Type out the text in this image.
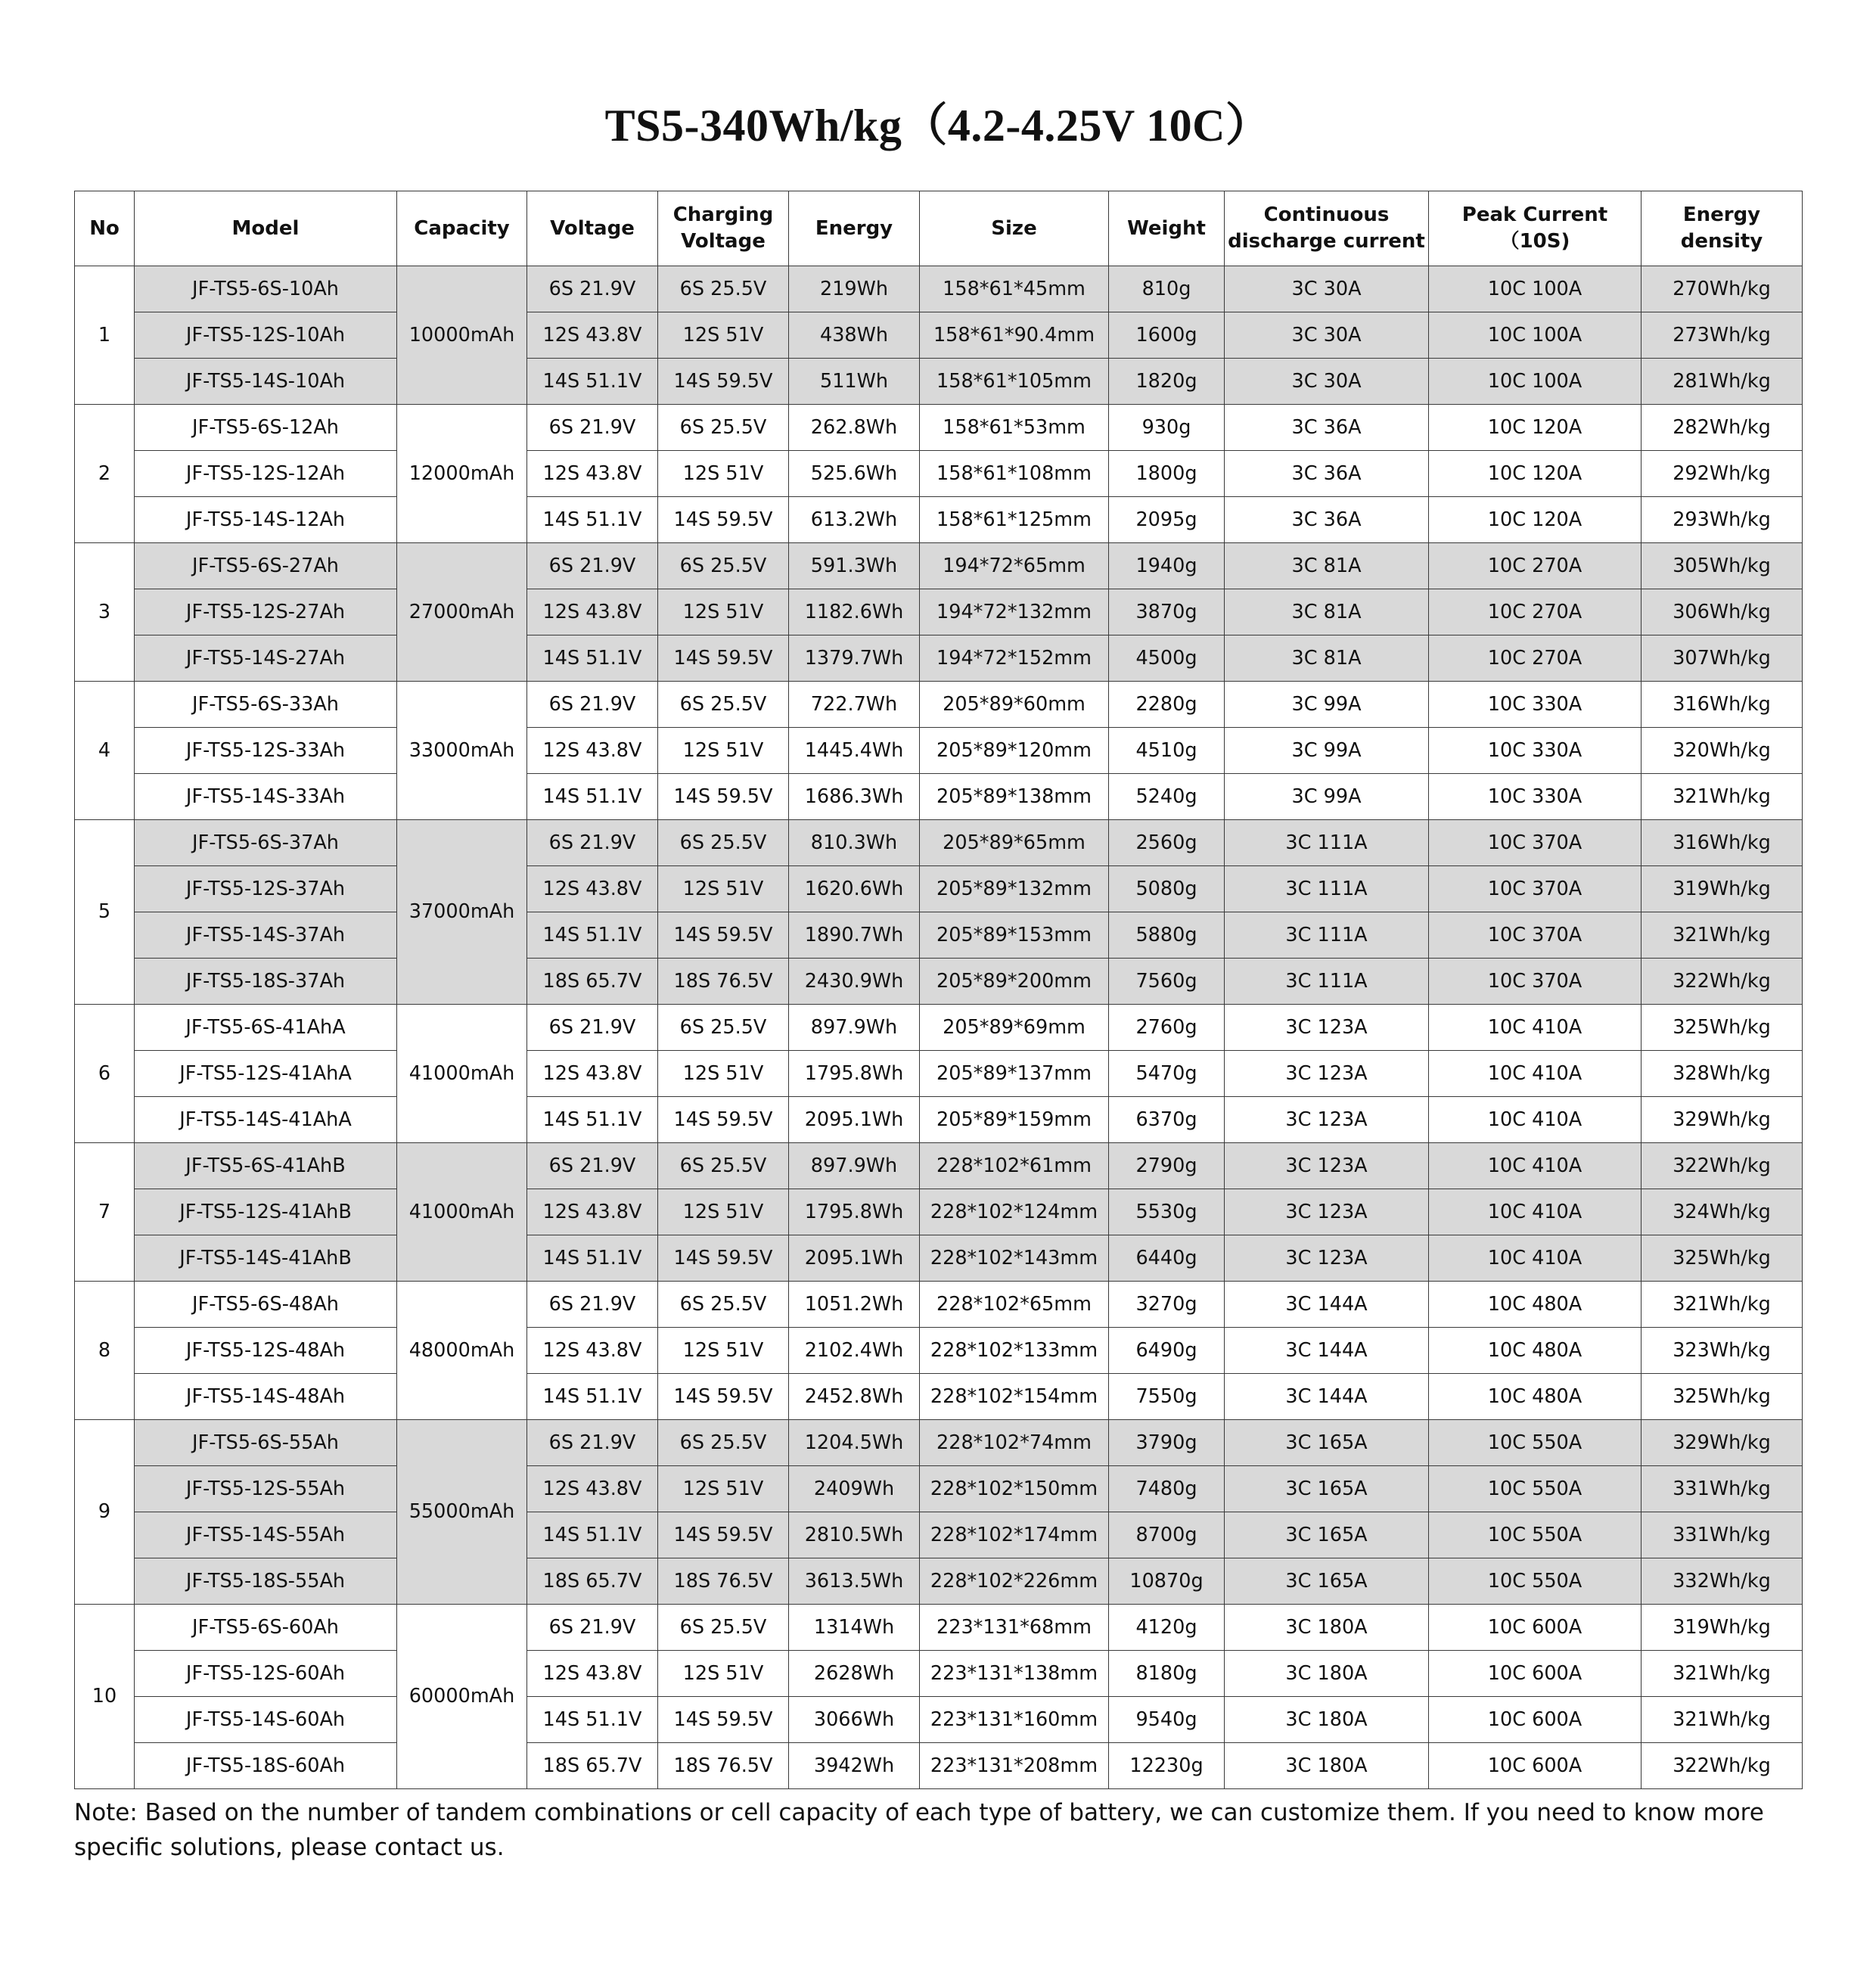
TS5-340Wh/kg（4.2-4.25V 10C）
No	Model	Capacity	Voltage	Charging Voltage	Energy	Size	Weight	Continuous discharge current	Peak Current（10S)	Energy density
1	JF-TS5-6S-10Ah	10000mAh	6S 21.9V	6S 25.5V	219Wh	158*61*45mm	810g	3C 30A	10C 100A	270Wh/kg
	JF-TS5-12S-10Ah		12S 43.8V	12S 51V	438Wh	158*61*90.4mm	1600g	3C 30A	10C 100A	273Wh/kg
	JF-TS5-14S-10Ah		14S 51.1V	14S 59.5V	511Wh	158*61*105mm	1820g	3C 30A	10C 100A	281Wh/kg
2	JF-TS5-6S-12Ah	12000mAh	6S 21.9V	6S 25.5V	262.8Wh	158*61*53mm	930g	3C 36A	10C 120A	282Wh/kg
	JF-TS5-12S-12Ah		12S 43.8V	12S 51V	525.6Wh	158*61*108mm	1800g	3C 36A	10C 120A	292Wh/kg
	JF-TS5-14S-12Ah		14S 51.1V	14S 59.5V	613.2Wh	158*61*125mm	2095g	3C 36A	10C 120A	293Wh/kg
3	JF-TS5-6S-27Ah	27000mAh	6S 21.9V	6S 25.5V	591.3Wh	194*72*65mm	1940g	3C 81A	10C 270A	305Wh/kg
	JF-TS5-12S-27Ah		12S 43.8V	12S 51V	1182.6Wh	194*72*132mm	3870g	3C 81A	10C 270A	306Wh/kg
	JF-TS5-14S-27Ah		14S 51.1V	14S 59.5V	1379.7Wh	194*72*152mm	4500g	3C 81A	10C 270A	307Wh/kg
4	JF-TS5-6S-33Ah	33000mAh	6S 21.9V	6S 25.5V	722.7Wh	205*89*60mm	2280g	3C 99A	10C 330A	316Wh/kg
	JF-TS5-12S-33Ah		12S 43.8V	12S 51V	1445.4Wh	205*89*120mm	4510g	3C 99A	10C 330A	320Wh/kg
	JF-TS5-14S-33Ah		14S 51.1V	14S 59.5V	1686.3Wh	205*89*138mm	5240g	3C 99A	10C 330A	321Wh/kg
5	JF-TS5-6S-37Ah	37000mAh	6S 21.9V	6S 25.5V	810.3Wh	205*89*65mm	2560g	3C 111A	10C 370A	316Wh/kg
	JF-TS5-12S-37Ah		12S 43.8V	12S 51V	1620.6Wh	205*89*132mm	5080g	3C 111A	10C 370A	319Wh/kg
	JF-TS5-14S-37Ah		14S 51.1V	14S 59.5V	1890.7Wh	205*89*153mm	5880g	3C 111A	10C 370A	321Wh/kg
	JF-TS5-18S-37Ah		18S 65.7V	18S 76.5V	2430.9Wh	205*89*200mm	7560g	3C 111A	10C 370A	322Wh/kg
6	JF-TS5-6S-41AhA	41000mAh	6S 21.9V	6S 25.5V	897.9Wh	205*89*69mm	2760g	3C 123A	10C 410A	325Wh/kg
	JF-TS5-12S-41AhA		12S 43.8V	12S 51V	1795.8Wh	205*89*137mm	5470g	3C 123A	10C 410A	328Wh/kg
	JF-TS5-14S-41AhA		14S 51.1V	14S 59.5V	2095.1Wh	205*89*159mm	6370g	3C 123A	10C 410A	329Wh/kg
7	JF-TS5-6S-41AhB	41000mAh	6S 21.9V	6S 25.5V	897.9Wh	228*102*61mm	2790g	3C 123A	10C 410A	322Wh/kg
	JF-TS5-12S-41AhB		12S 43.8V	12S 51V	1795.8Wh	228*102*124mm	5530g	3C 123A	10C 410A	324Wh/kg
	JF-TS5-14S-41AhB		14S 51.1V	14S 59.5V	2095.1Wh	228*102*143mm	6440g	3C 123A	10C 410A	325Wh/kg
8	JF-TS5-6S-48Ah	48000mAh	6S 21.9V	6S 25.5V	1051.2Wh	228*102*65mm	3270g	3C 144A	10C 480A	321Wh/kg
	JF-TS5-12S-48Ah		12S 43.8V	12S 51V	2102.4Wh	228*102*133mm	6490g	3C 144A	10C 480A	323Wh/kg
	JF-TS5-14S-48Ah		14S 51.1V	14S 59.5V	2452.8Wh	228*102*154mm	7550g	3C 144A	10C 480A	325Wh/kg
9	JF-TS5-6S-55Ah	55000mAh	6S 21.9V	6S 25.5V	1204.5Wh	228*102*74mm	3790g	3C 165A	10C 550A	329Wh/kg
	JF-TS5-12S-55Ah		12S 43.8V	12S 51V	2409Wh	228*102*150mm	7480g	3C 165A	10C 550A	331Wh/kg
	JF-TS5-14S-55Ah		14S 51.1V	14S 59.5V	2810.5Wh	228*102*174mm	8700g	3C 165A	10C 550A	331Wh/kg
	JF-TS5-18S-55Ah		18S 65.7V	18S 76.5V	3613.5Wh	228*102*226mm	10870g	3C 165A	10C 550A	332Wh/kg
10	JF-TS5-6S-60Ah	60000mAh	6S 21.9V	6S 25.5V	1314Wh	223*131*68mm	4120g	3C 180A	10C 600A	319Wh/kg
	JF-TS5-12S-60Ah		12S 43.8V	12S 51V	2628Wh	223*131*138mm	8180g	3C 180A	10C 600A	321Wh/kg
	JF-TS5-14S-60Ah		14S 51.1V	14S 59.5V	3066Wh	223*131*160mm	9540g	3C 180A	10C 600A	321Wh/kg
	JF-TS5-18S-60Ah		18S 65.7V	18S 76.5V	3942Wh	223*131*208mm	12230g	3C 180A	10C 600A	322Wh/kg

Note: Based on the number of tandem combinations or cell capacity of each type of battery, we can customize them. If you need to know more specific solutions, please contact us.
